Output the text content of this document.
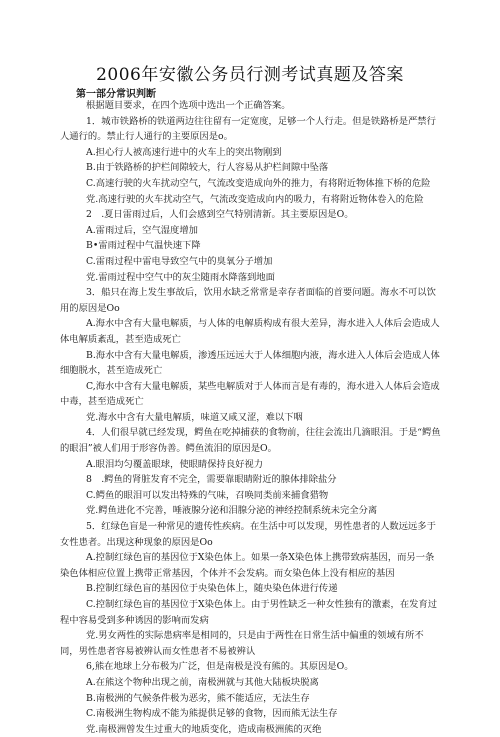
2006年安徽公务员行测考试真题及答案
第一部分常识判断

根据题目要求，在四个选项中选出一个正确答案。

1．城市铁路桥的铁道两边往往留有一定宽度，足够一个人行走。但是铁路桥是严禁行人通行的。禁止行人通行的主要原因是o。

A.担心行人被高速行进中的火车上的突出物刚到

B.由于铁路桥的护栏间隙较大，行人容易从护栏间隙中坠落

C.高速行驶的火车扰动空气，气流改变造成向外的推力，有将附近物体推下桥的危险

党.高速行驶的火车扰动空气，气流改变造成向内的吸力，有将附近物体卷入的危险

2　.夏日雷雨过后，人们会感到空气特别清新。其主要原因是O。

A.雷雨过后，空气湿度增加

B•雷雨过程中气温快速下降

C.雷雨过程中雷电导致空气中的臭氧分子增加

党.雷雨过程中空气中的灰尘随雨水降落到地面

3．船只在海上发生事故后，饮用水缺乏常常是幸存者面临的首要问题。海水不可以饮用的原因是Oo

A.海水中含有大量电解质，与人体的电解质构成有很大差异，海水进入人体后会造成人体电解质紊乱，甚至造成死亡

B.海水中含有大量电解质，渗透压远远大于人体细胞内液，海水进入人体后会造成人体细胞脱水，甚至造成死亡

C,海水中含有大量电解质，某些电解质对于人体而言是有毒的，海水进入人体后会造成中毒，甚至造成死亡

党.海水中含有大量电解质，味道又咸又涩，难以下咽

4．人们很早就已经发现，鳄鱼在吃掉捕获的食物前，往往会流出几滴眼泪。于是“鳄鱼的眼泪”被人们用于形容伪善。鳄鱼流泪的原因是O。

A.眼泪均匀覆盖眼球，使眼睛保持良好视力

8　.鳄鱼的肾脏发育不完全，需要靠眼睛附近的腺体排除盐分

C.鳄鱼的眼泪可以发出特殊的气味，召唤同类前来捕食猎物

党.鳄鱼进化不完善，唾液腺分泌和泪腺分泌的神经控制系统未完全分离

5．红绿色盲是一种常见的遗传性疾病。在生活中可以发现，男性患者的人数远远多于女性患者。出现这种现象的原因是Oo

A.控制红绿色盲的基因位于X染色体上。如果一条X染色体上携带致病基因，而另一条染色体相应位置上携带正常基因，个体并不会发病。而女染色体上没有相应的基因

B.控制红绿色盲的基因位于央染色体上，随央染色体进行传递

C.控制红绿色盲的基因位于X染色体上。由于男性缺乏一种女性独有的激素，在发育过程中容易受到多种诱因的影响而发病

党.男女两性的实际患病率是相同的，只是由于两性在日常生活中偏重的领域有所不同，男性患者容易被辨认而女性患者不易被辨认

6,熊在地球上分布极为广泛，但是南极是没有熊的。其原因是O。

A.在熊这个物种出现之前，南极洲就与其他大陆板块脱离

B.南极洲的气候条件极为恶劣，熊不能适应，无法生存

C.南极洲生物构成不能为熊提供足够的食物，因而熊无法生存

党.南极洲曾发生过重大的地质变化，造成南极洲熊的灭绝
